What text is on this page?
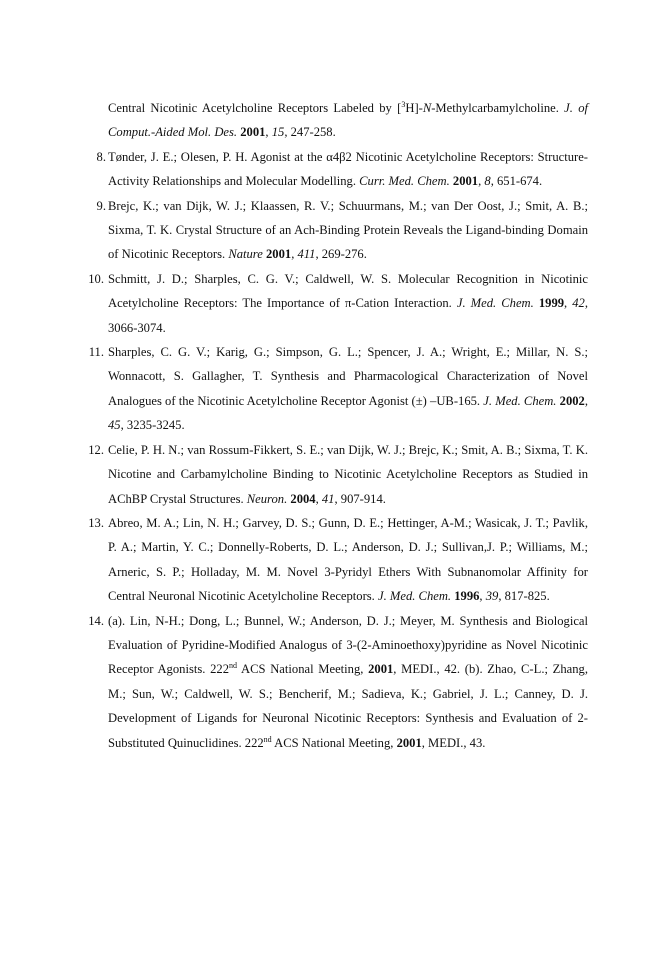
Central Nicotinic Acetylcholine Receptors Labeled by [$^3$H]-N-Methylcarbamylcholine. J. of Comput.-Aided Mol. Des. 2001, 15, 247-258.
8. Tønder, J. E.; Olesen, P. H. Agonist at the α4β2 Nicotinic Acetylcholine Receptors: Structure-Activity Relationships and Molecular Modelling. Curr. Med. Chem. 2001, 8, 651-674.
9. Brejc, K.; van Dijk, W. J.; Klaassen, R. V.; Schuurmans, M.; van Der Oost, J.; Smit, A. B.; Sixma, T. K. Crystal Structure of an Ach-Binding Protein Reveals the Ligand-binding Domain of Nicotinic Receptors. Nature 2001, 411, 269-276.
10. Schmitt, J. D.; Sharples, C. G. V.; Caldwell, W. S. Molecular Recognition in Nicotinic Acetylcholine Receptors: The Importance of π-Cation Interaction. J. Med. Chem. 1999, 42, 3066-3074.
11. Sharples, C. G. V.; Karig, G.; Simpson, G. L.; Spencer, J. A.; Wright, E.; Millar, N. S.; Wonnacott, S. Gallagher, T. Synthesis and Pharmacological Characterization of Novel Analogues of the Nicotinic Acetylcholine Receptor Agonist (±) –UB-165. J. Med. Chem. 2002, 45, 3235-3245.
12. Celie, P. H. N.; van Rossum-Fikkert, S. E.; van Dijk, W. J.; Brejc, K.; Smit, A. B.; Sixma, T. K. Nicotine and Carbamylcholine Binding to Nicotinic Acetylcholine Receptors as Studied in AChBP Crystal Structures. Neuron. 2004, 41, 907-914.
13. Abreo, M. A.; Lin, N. H.; Garvey, D. S.; Gunn, D. E.; Hettinger, A-M.; Wasicak, J. T.; Pavlik, P. A.; Martin, Y. C.; Donnelly-Roberts, D. L.; Anderson, D. J.; Sullivan,J. P.; Williams, M.; Arneric, S. P.; Holladay, M. M. Novel 3-Pyridyl Ethers With Subnanomolar Affinity for Central Neuronal Nicotinic Acetylcholine Receptors. J. Med. Chem. 1996, 39, 817-825.
14. (a). Lin, N-H.; Dong, L.; Bunnel, W.; Anderson, D. J.; Meyer, M. Synthesis and Biological Evaluation of Pyridine-Modified Analogus of 3-(2-Aminoethoxy)pyridine as Novel Nicotinic Receptor Agonists. 222nd ACS National Meeting, 2001, MEDI., 42. (b). Zhao, C-L.; Zhang, M.; Sun, W.; Caldwell, W. S.; Bencherif, M.; Sadieva, K.; Gabriel, J. L.; Canney, D. J. Development of Ligands for Neuronal Nicotinic Receptors: Synthesis and Evaluation of 2-Substituted Quinuclidines. 222nd ACS National Meeting, 2001, MEDI., 43.
